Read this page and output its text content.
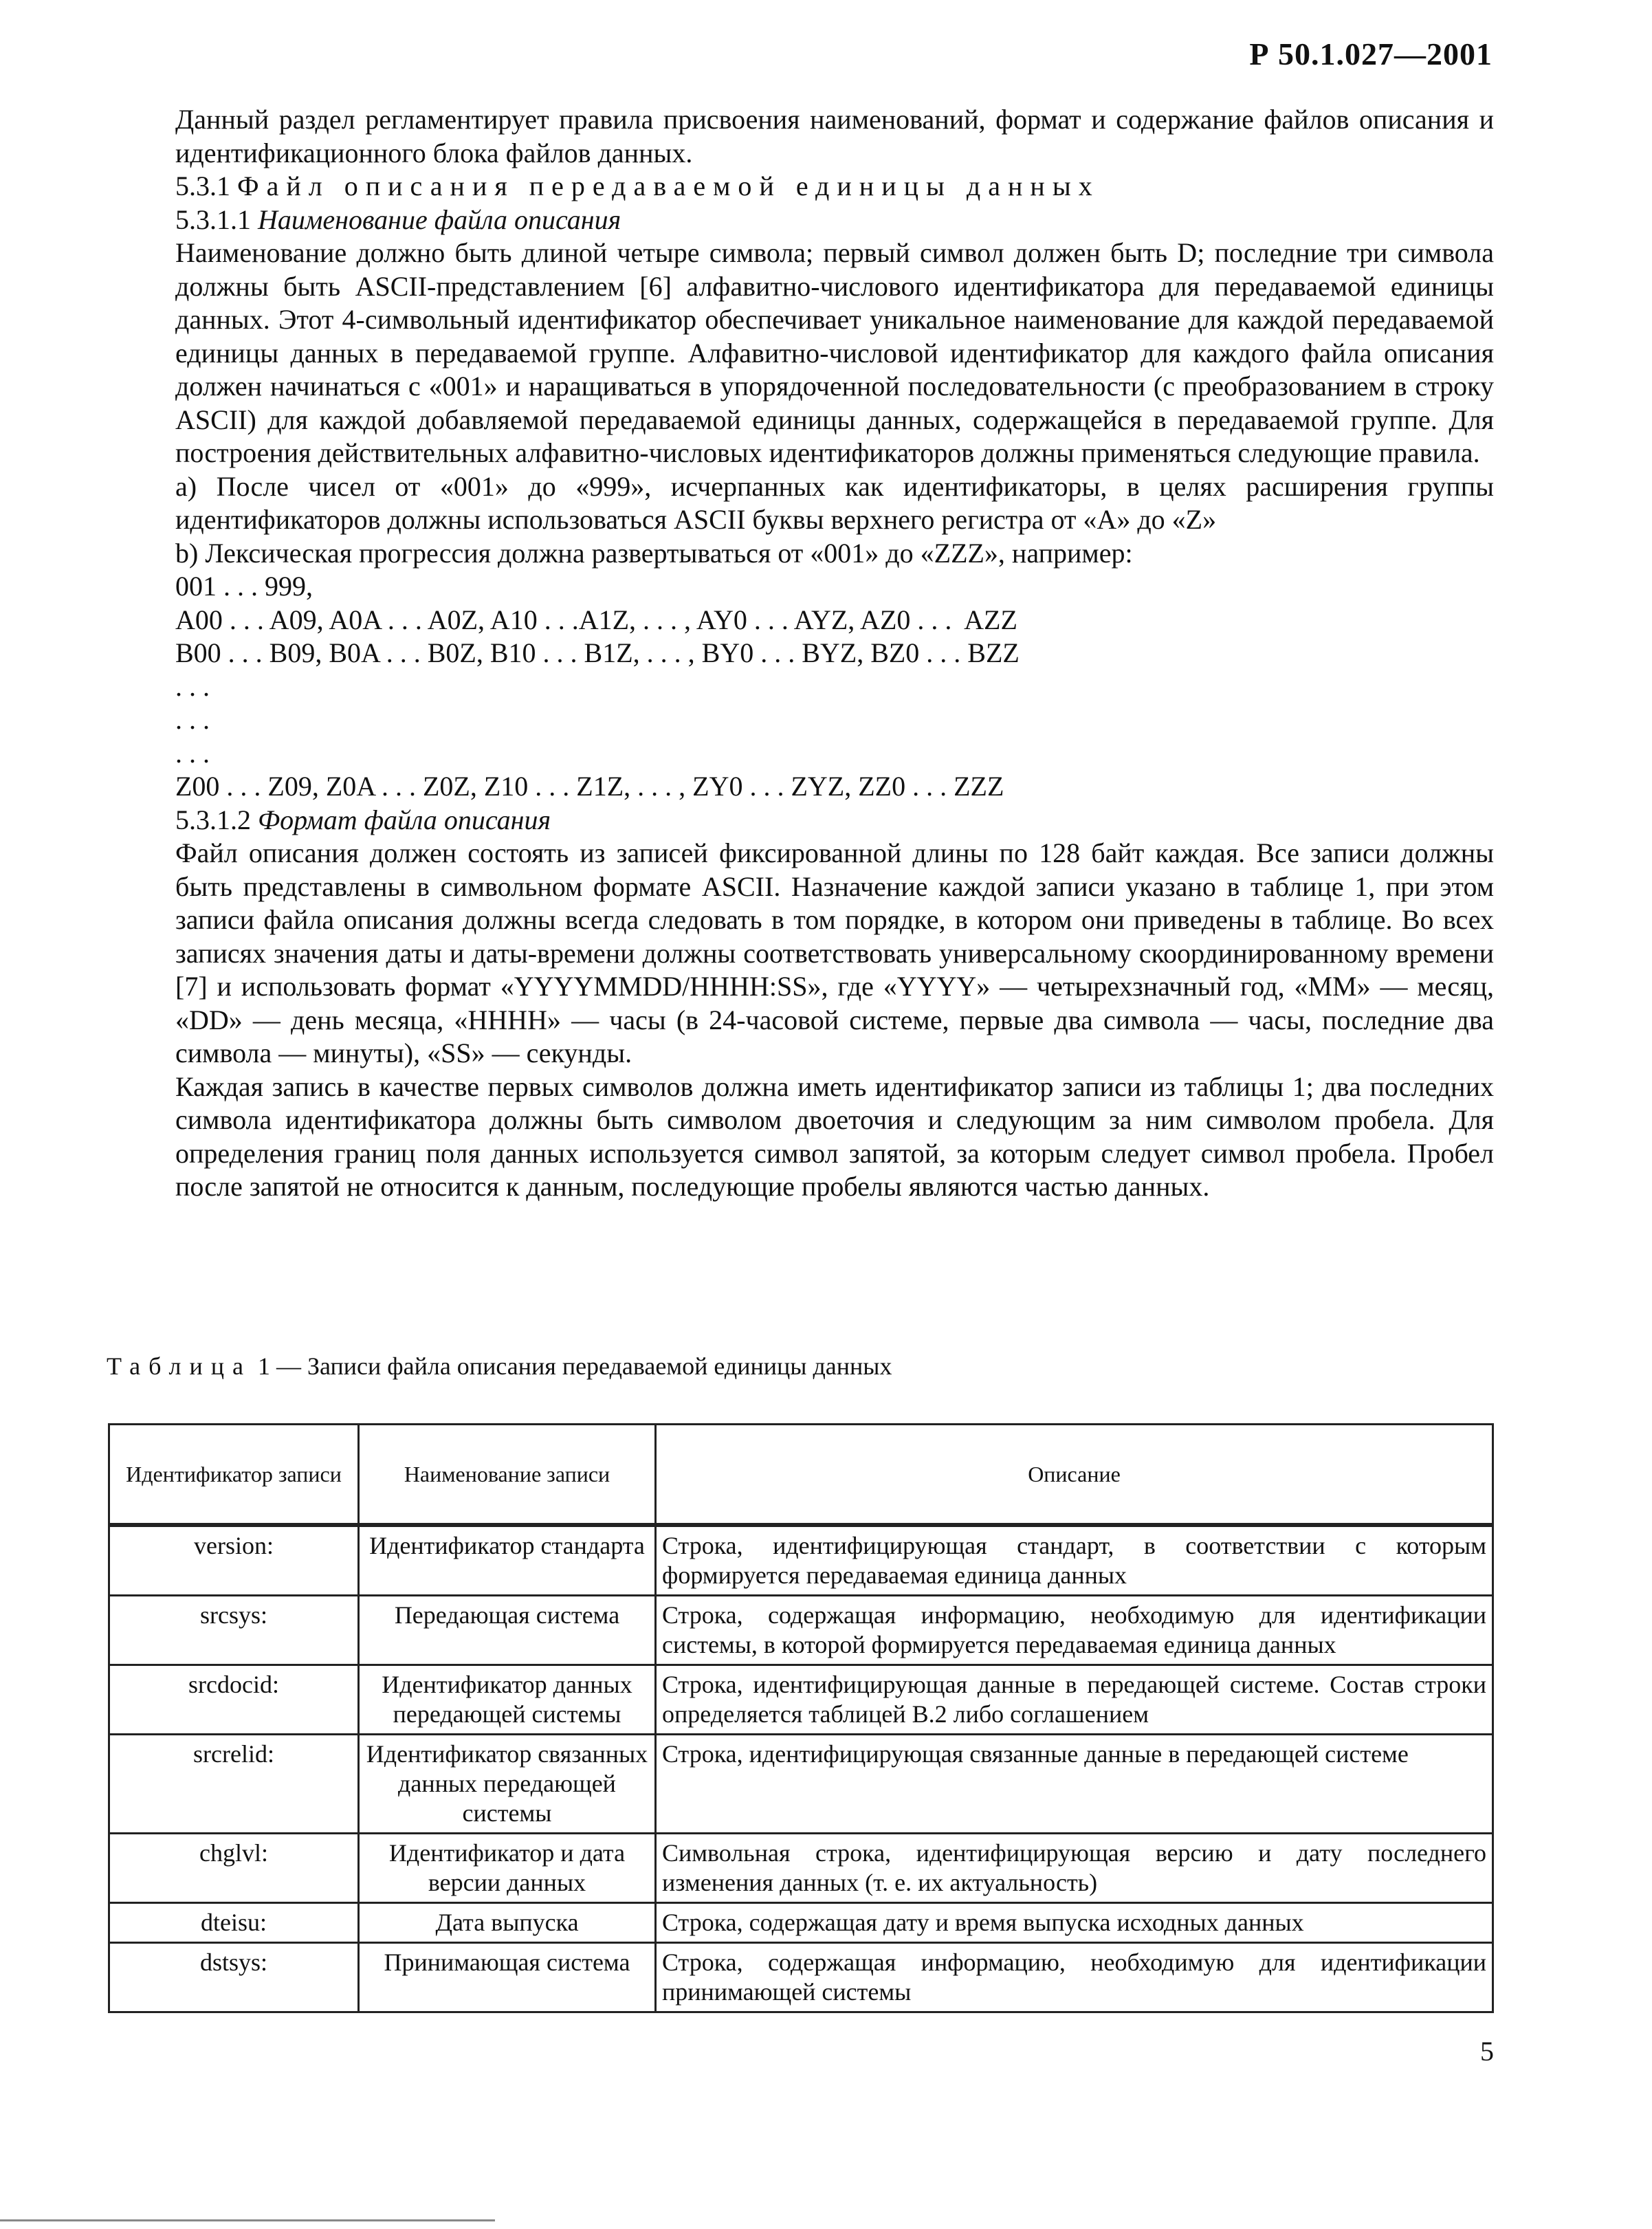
Р 50.1.027—2001

Данный раздел регламентирует правила присвоения наименований, формат и содержание файлов описания и идентификационного блока файлов данных.

5.3.1 Файл описания передаваемой единицы данных

5.3.1.1 Наименование файла описания

Наименование должно быть длиной четыре символа; первый символ должен быть D; последние три символа должны быть ASCII-представлением [6] алфавитно-числового идентификатора для передаваемой единицы данных. Этот 4-символьный идентификатор обеспечивает уникальное наименование для каждой передаваемой единицы данных в передаваемой группе. Алфавитно-числовой идентификатор для каждого файла описания должен начинаться с «001» и наращиваться в упорядоченной последовательности (с преобразованием в строку ASCII) для каждой добавляемой передаваемой единицы данных, содержащейся в передаваемой группе. Для построения действительных алфавитно-числовых идентификаторов должны применяться следующие правила.

a) После чисел от «001» до «999», исчерпанных как идентификаторы, в целях расширения группы идентификаторов должны использоваться ASCII буквы верхнего регистра от «A» до «Z»

b) Лексическая прогрессия должна развертываться от «001» до «ZZZ», например:

001 . . . 999,

A00 . . . A09, A0A . . . A0Z, A10 . . .A1Z, . . . , AY0 . . . AYZ, AZ0 . . .  AZZ

B00 . . . B09, B0A . . . B0Z, B10 . . . B1Z, . . . , BY0 . . . BYZ, BZ0 . . . BZZ

. . .

. . .

. . .

Z00 . . . Z09, Z0A . . . Z0Z, Z10 . . . Z1Z, . . . , ZY0 . . . ZYZ, ZZ0 . . . ZZZ

5.3.1.2 Формат файла описания

Файл описания должен состоять из записей фиксированной длины по 128 байт каждая. Все записи должны быть представлены в символьном формате ASCII. Назначение каждой записи указано в таблице 1, при этом записи файла описания должны всегда следовать в том порядке, в котором они приведены в таблице. Во всех записях значения даты и даты-времени должны соответствовать универсальному скоординированному времени [7] и использовать формат «YYYYMMDD/HHHH:SS», где «YYYY» — четырехзначный год, «MM» — месяц, «DD» — день месяца, «HHHH» — часы (в 24-часовой системе, первые два символа — часы, последние два символа — минуты), «SS» — секунды.

Каждая запись в качестве первых символов должна иметь идентификатор записи из таблицы 1; два последних символа идентификатора должны быть символом двоеточия и следующим за ним символом пробела. Для определения границ поля данных используется символ запятой, за которым следует символ пробела. Пробел после запятой не относится к данным, последующие пробелы являются частью данных.

Таблица 1 — Записи файла описания передаваемой единицы данных
Идентификатор записи	Наименование записи	Описание
version:	Идентификатор стандарта	Строка, идентифицирующая стандарт, в соответствии с которым формируется передаваемая единица данных
srcsys:	Передающая система	Строка, содержащая информацию, необходимую для идентификации системы, в которой формируется передаваемая единица данных
srcdocid:	Идентификатор данных передающей системы	Строка, идентифицирующая данные в передающей системе. Состав строки определяется таблицей В.2 либо соглашением
srcrelid:	Идентификатор связанных данных передающей системы	Строка, идентифицирующая связанные данные в передающей системе
chglvl:	Идентификатор и дата версии данных	Символьная строка, идентифицирующая версию и дату последнего изменения данных (т. е. их актуальность)
dteisu:	Дата выпуска	Строка, содержащая дату и время выпуска исходных данных
dstsys:	Принимающая система	Строка, содержащая информацию, необходимую для идентификации принимающей системы
5
